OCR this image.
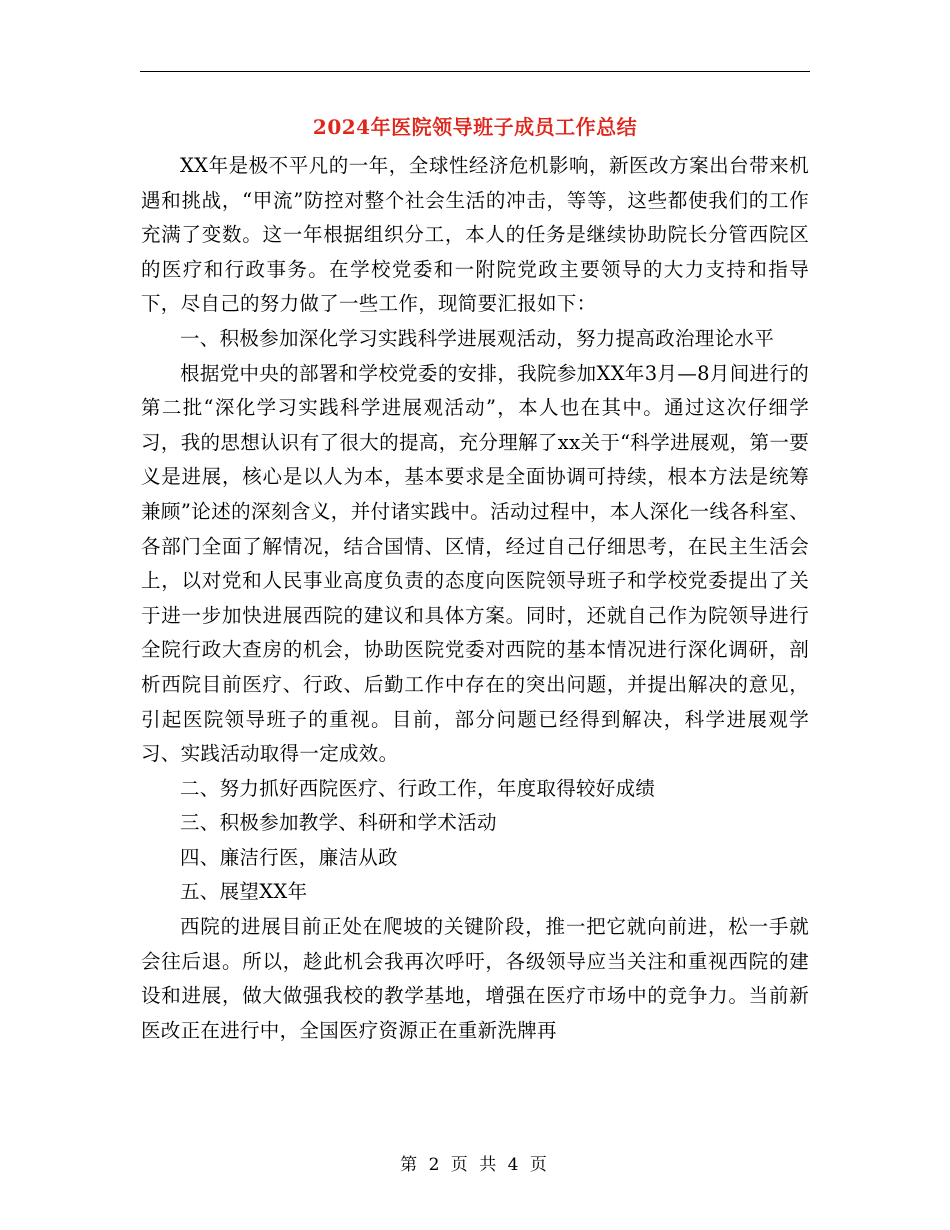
2024年医院领导班子成员工作总结

XX年是极不平凡的一年，全球性经济危机影响，新医改方案出台带来机遇和挑战，“甲流”防控对整个社会生活的冲击，等等，这些都使我们的工作充满了变数。这一年根据组织分工，本人的任务是继续协助院长分管西院区的医疗和行政事务。在学校党委和一附院党政主要领导的大力支持和指导下，尽自己的努力做了一些工作，现简要汇报如下：

一、积极参加深化学习实践科学进展观活动，努力提高政治理论水平

根据党中央的部署和学校党委的安排，我院参加XX年3月—8月间进行的第二批“深化学习实践科学进展观活动”，本人也在其中。通过这次仔细学习，我的思想认识有了很大的提高，充分理解了xx关于“科学进展观，第一要义是进展，核心是以人为本，基本要求是全面协调可持续，根本方法是统筹兼顾”论述的深刻含义，并付诸实践中。活动过程中，本人深化一线各科室、各部门全面了解情况，结合国情、区情，经过自己仔细思考，在民主生活会上，以对党和人民事业高度负责的态度向医院领导班子和学校党委提出了关于进一步加快进展西院的建议和具体方案。同时，还就自己作为院领导进行全院行政大查房的机会，协助医院党委对西院的基本情况进行深化调研，剖析西院目前医疗、行政、后勤工作中存在的突出问题，并提出解决的意见，引起医院领导班子的重视。目前，部分问题已经得到解决，科学进展观学习、实践活动取得一定成效。

二、努力抓好西院医疗、行政工作，年度取得较好成绩

三、积极参加教学、科研和学术活动

四、廉洁行医，廉洁从政

五、展望XX年

西院的进展目前正处在爬坡的关键阶段，推一把它就向前进，松一手就会往后退。所以，趁此机会我再次呼吁，各级领导应当关注和重视西院的建设和进展，做大做强我校的教学基地，增强在医疗市场中的竞争力。当前新医改正在进行中，全国医疗资源正在重新洗牌再

第 2 页 共 4 页
